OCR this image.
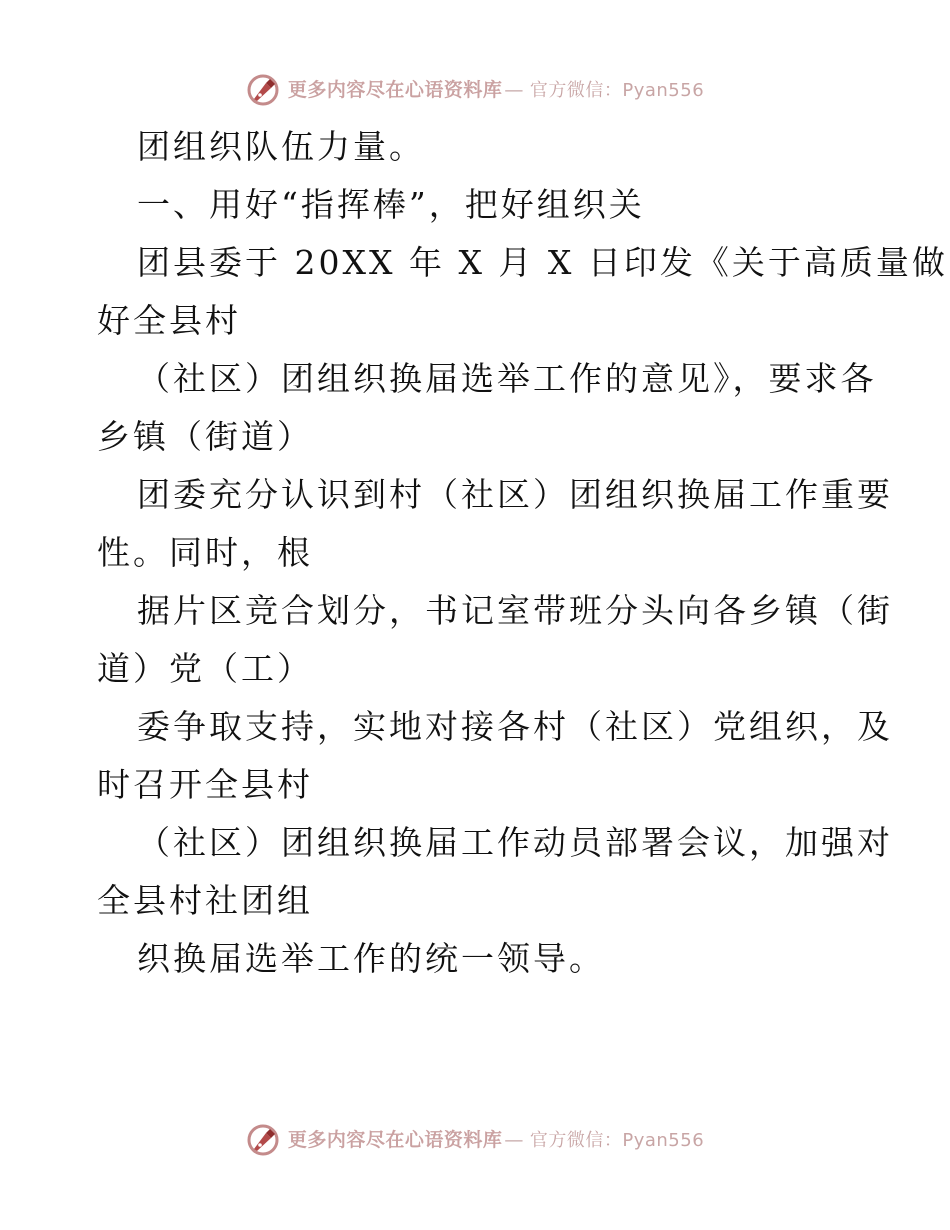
更多内容尽在心语资料库 — 官方微信：Pyan556
团组织队伍力量。
一、用好“指挥棒”，把好组织关
团县委于 20XX 年 X 月 X 日印发《关于高质量做
好全县村
（社区）团组织换届选举工作的意见》，要求各
乡镇（街道）
团委充分认识到村（社区）团组织换届工作重要
性。同时，根
据片区竞合划分，书记室带班分头向各乡镇（街
道）党（工）
委争取支持，实地对接各村（社区）党组织，及
时召开全县村
（社区）团组织换届工作动员部署会议，加强对
全县村社团组
织换届选举工作的统一领导。
更多内容尽在心语资料库 — 官方微信：Pyan556
